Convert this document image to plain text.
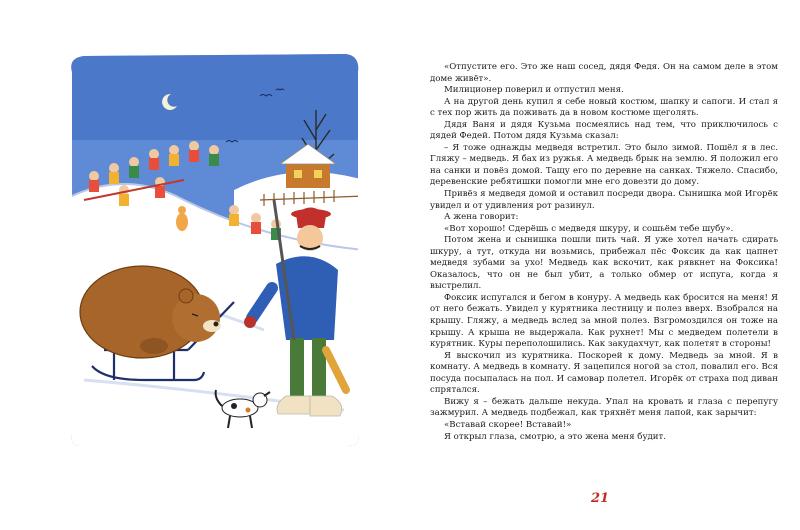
«Отпустите его. Это же наш сосед, дядя Федя. Он на самом деле в этом доме живёт».

Милиционер поверил и отпустил меня.

А на другой день купил я себе новый костюм, шапку и сапоги. И стал я с тех пор жить да поживать да в новом костюме щеголять.

Дядя Ваня и дядя Кузьма посмеялись над тем, что приключилось с дядей Федей. Потом дядя Кузьма сказал:

– Я тоже однажды медведя встретил. Это было зимой. Пошёл я в лес. Гляжу – медведь. Я бах из ружья. А медведь брык на землю. Я положил его на санки и повёз домой. Тащу его по деревне на санках. Тяжело. Спасибо, деревенские ребятишки помогли мне его довезти до дому.

Привёз я медведя домой и оставил посреди двора. Сынишка мой Игорёк увидел и от удивления рот разинул.

А жена говорит:

«Вот хорошо! Сдерёшь с медведя шкуру, и сошьём тебе шубу».

Потом жена и сынишка пошли пить чай. Я уже хотел начать сдирать шкуру, а тут, откуда ни возьмись, прибежал пёс Фоксик да как цапнет медведя зубами за ухо! Медведь как вскочит, как рявкнет на Фоксика! Оказалось, что он не был убит, а только обмер от испуга, когда я выстрелил.

Фоксик испугался и бегом в конуру. А медведь как бросится на меня! Я от него бежать. Увидел у курятника лестницу и полез вверх. Взобрался на крышу. Гляжу, а медведь вслед за мной полез. Взгромоздился он тоже на крышу. А крыша не выдержала. Как рухнет! Мы с медведем полетели в курятник. Куры переполошились. Как закудахчут, как полетят в стороны!

Я выскочил из курятника. Поскорей к дому. Медведь за мной. Я в комнату. А медведь в комнату. Я зацепился ногой за стол, повалил его. Вся посуда посыпалась на пол. И самовар полетел. Игорёк от страха под диван спрятался.

Вижу я – бежать дальше некуда. Упал на кровать и глаза с перепугу зажмурил. А медведь подбежал, как тряхнёт меня лапой, как зарычит:

«Вставай скорее! Вставай!»

Я открыл глаза, смотрю, а это жена меня будит.

21
